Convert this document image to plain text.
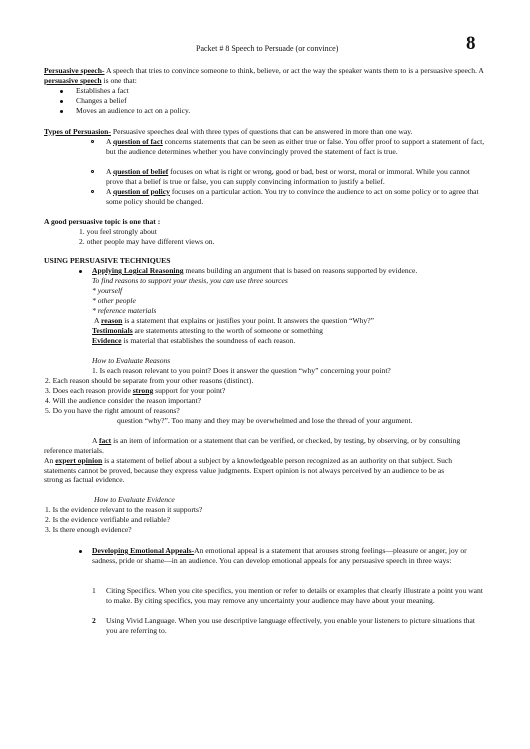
Packet # 8 Speech to Persuade (or convince)	8
Persuasive speech- A speech that tries to convince someone to think, believe, or act the way the speaker wants them to is a persuasive speech. A persuasive speech is one that:
Establishes a fact
Changes a belief
Moves an audience to act on a policy.
Types of Persuasion- Persuasive speeches deal with three types of questions that can be answered in more than one way.
A question of fact concerns statements that can be seen as either true or false. You offer proof to support a statement of fact, but the audience determines whether you have convincingly proved the statement of fact is true.
A question of belief focuses on what is right or wrong, good or bad, best or worst, moral or immoral. While you cannot prove that a belief is true or false, you can supply convincing information to justify a belief.
A question of policy focuses on a particular action. You try to convince the audience to act on some policy or to agree that some policy should be changed.
A good persuasive topic is one that :
1. you feel strongly about
2. other people may have different views on.
USING PERSUASIVE TECHNIQUES
Applying Logical Reasoning means building an argument that is based on reasons supported by evidence.
To find reasons to support your thesis, you can use three sources
* yourself
* other people
* reference materials
A reason is a statement that explains or justifies your point. It answers the question “Why?”
Testimonials are statements attesting to the worth of someone or something
Evidence is material that establishes the soundness of each reason.
How to Evaluate Reasons
1. Is each reason relevant to you point? Does it answer the question “why” concerning your point?
2. Each reason should be separate from your other reasons (distinct).
3. Does each reason provide strong support for your point?
4. Will the audience consider the reason important?
5. Do you have the right amount of reasons?
question “why?”. Too many and they may be overwhelmed and lose the thread of your argument.
A fact is an item of information or a statement that can be verified, or checked, by testing, by observing, or by consulting reference materials.
An expert opinion is a statement of belief about a subject by a knowledgeable person recognized as an authority on that subject. Such statements cannot be proved, because they express value judgments. Expert opinion is not always perceived by an audience to be as strong as factual evidence.
How to Evaluate Evidence
1. Is the evidence relevant to the reason it supports?
2. Is the evidence verifiable and reliable?
3. Is there enough evidence?
Developing Emotional Appeals-An emotional appeal is a statement that arouses strong feelings—pleasure or anger, joy or sadness, pride or shame—in an audience. You can develop emotional appeals for any persuasive speech in three ways:
1 Citing Specifics. When you cite specifics, you mention or refer to details or examples that clearly illustrate a point you want to make. By citing specifics, you may remove any uncertainty your audience may have about your meaning.
2 Using Vivid Language. When you use descriptive language effectively, you enable your listeners to picture situations that you are referring to.
